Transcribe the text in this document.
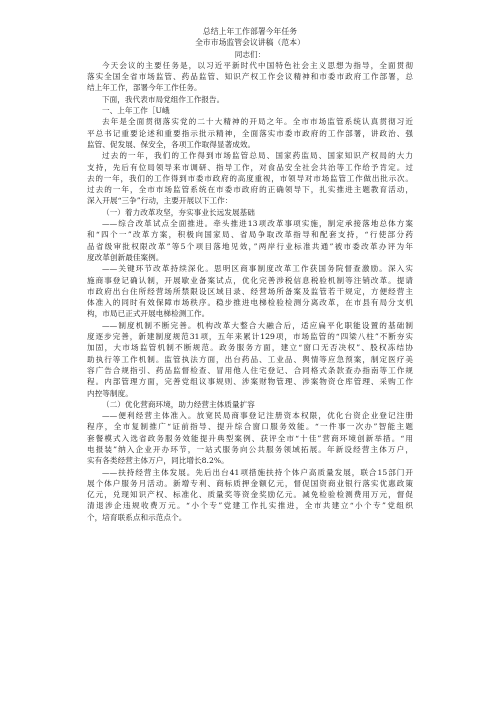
总结上年工作部署今年任务
全市市场监管会议讲稿（范本）
同志们：
今天会议的主要任务是，以习近平新时代中国特色社会主义思想为指导，全面贯彻
落实全国全省市场监管、药品监管、知识产权工作会议精神和市委市政府工作部署，总
结上年工作，部署今年工作任务。
下面，我代表市局党组作工作报告。
一、上年工作［U峨
去年是全面贯彻落实党的二十大精神的开局之年。全市市场监管系统认真贯彻习近
平总书记重要论述和重要指示批示精神，全面落实市委市政府的工作部署，讲政治、强
监管、促发展、保安全，各项工作取得显著成效。
过去的一年，我们的工作得到市场监管总局、国家药监局、国家知识产权局的大力
支持，先后有位局领导来市调研、指导工作，对食品安全社会共治等工作给予肯定。过
去的一年，我们的工作得到市委市政府的高度重视，市领导对市场监管工作做出批示次。
过去的一年，全市市场监管系统在市委市政府的正确领导下，扎实推进主题教育活动，
深入开展“三争”行动，主要开展以下工作：
（一）着力改革攻坚，夯实事业长远发展基础
——综合改革试点全面推进。牵头推进13项改革事项实施，制定承接落地总体方案
和“四个一”改革方案，积极向国家局、省局争取改革指导和配套支持，“行使部分药
品省级审批权限改革”等5个项目落地见效，”两岸行业标准共通”被市委改革办评为年
度改革创新最佳案例。
——关键环节改革持续深化。思明区商事制度改革工作获国务院督查激励。深入实
施商事登记确认制，开展歇业备案试点，优化完善涉税信息税验机制等注销改革。提请
市政府出台住所经营场所禁限设区域目录、经营场所备案及监管若干规定，方便经营主
体准入的同时有效保障市场秩序。稳步推进电梯检验检测分离改革，在市县有局分支机
构，市局已正式开展电梯检测工作。
——制度机制不断完善。机构改革大整合大融合后，适应扁平化职能设置的基础制
度逐步完善，新建制度规范31项，五年来累计129项，市场监管的“四梁八柱”不断夯实
加固，大市场监管机制不断规范。政务服务方面，建立“窗口无否决权”、股权冻结协
助执行等工作机制。监管执法方面，出台药品、工业品、舆情等应急预案，制定医疗美
容广告合规指引、药品监督检查、冒用他人住宅登记、合同格式条款查办指南等工作规
程。内部管理方面，完善党组议事规则、涉案财物管理、涉案物资仓库管理、采购工作
内控等制度。
（二）优化营商环境，助力经营主体质量扩容
——便利经营主体准入。放宽民局商事登记注册资本权限，优化台资企业登记注册
程序，全市复制推广“证前指导、提升综合窗口服务效能。“一件事一次办”智能主题
套餐模式入选省政务服务效能提升典型案例、获评全市“十佳”营商环境创新举措。“用
电报装”纳入企业开办环节，一站式服务向公共服务领域拓展。年新设经营主体万户，
实有各类经营主体万户，同比增长8.2%。
——扶持经营主体发展。先后出台41项措施扶持个体户高质量发展，联合15部门开
展个体户服务月活动。新增专利、商标质押金额亿元，督促国资商业银行落实优惠政策
亿元，兑现知识产权、标准化、质量奖等资金奖励亿元。减免检验检测费用万元，督促
清退涉企违规收费万元。“小个专”党建工作扎实推进，全市共建立“小个专”党组织
个，培育联系点和示范点个。
